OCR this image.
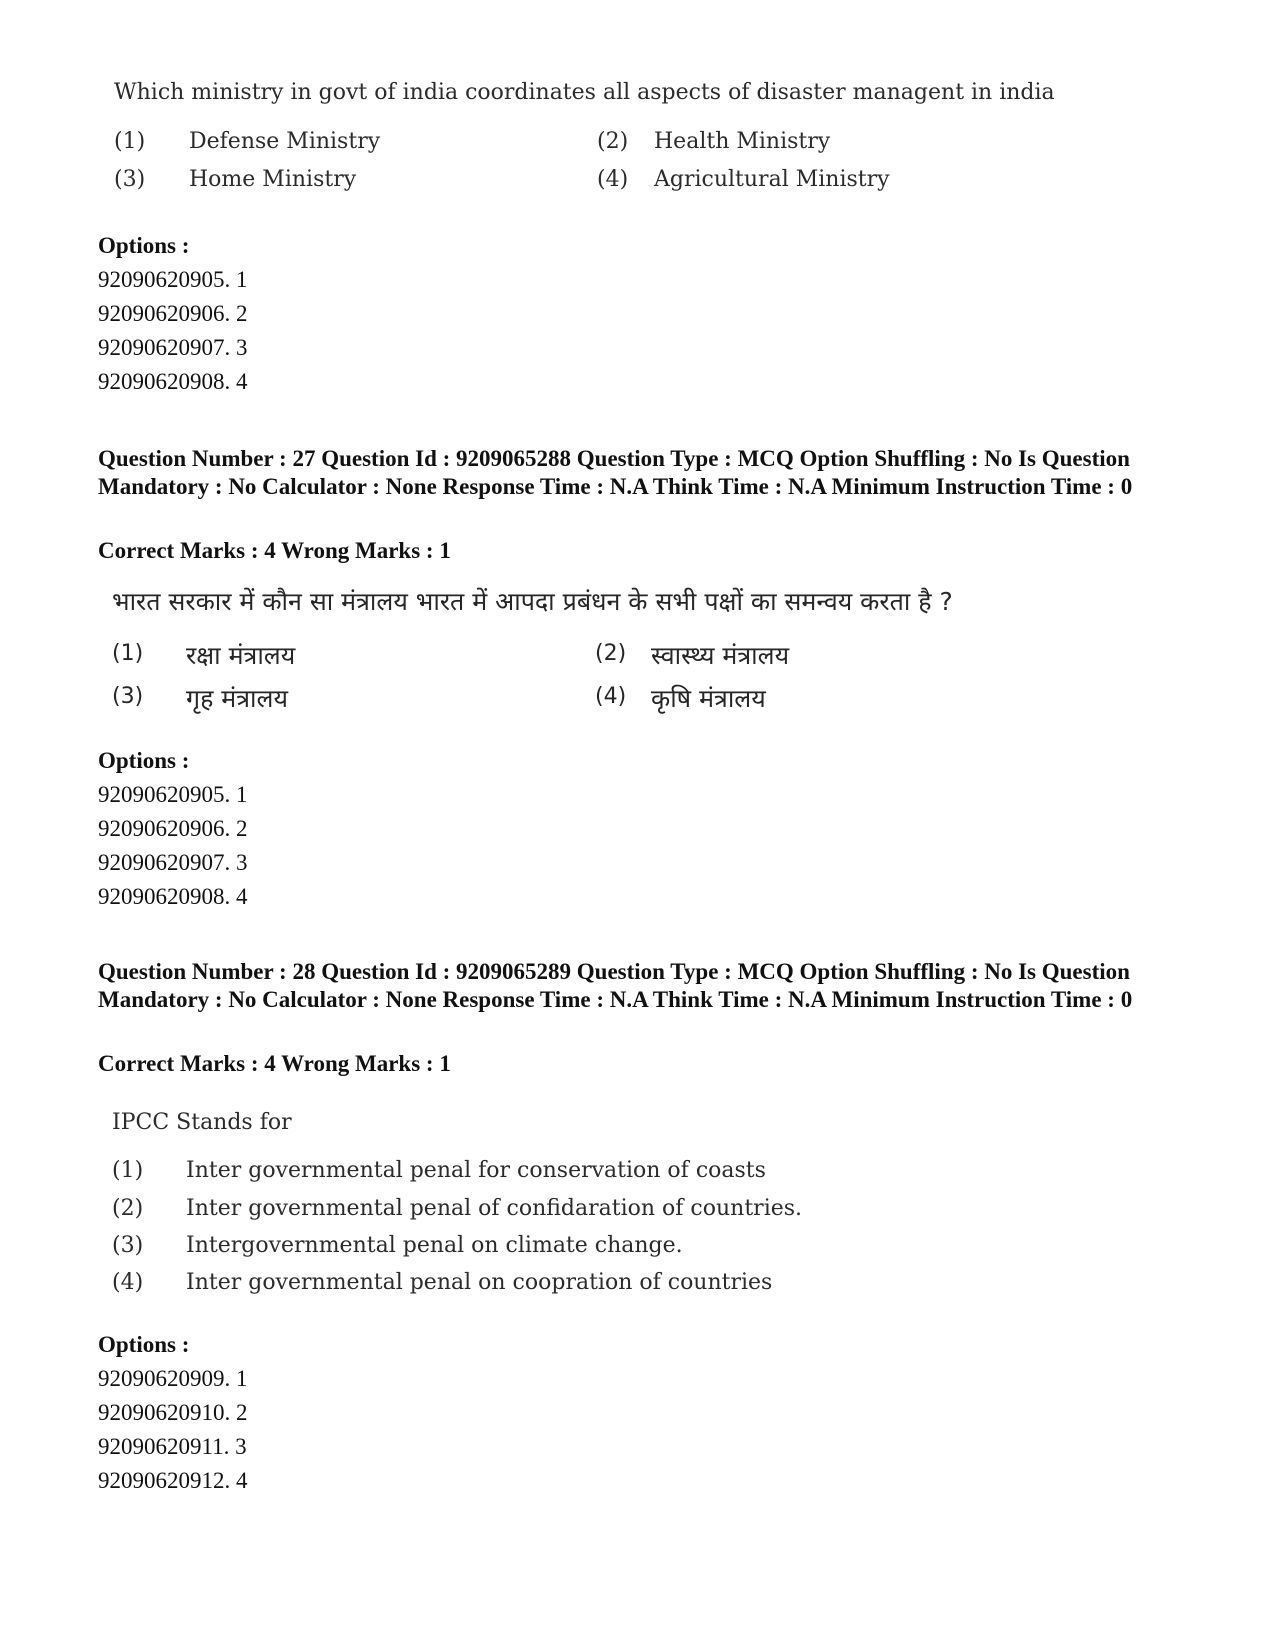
Which ministry in govt of india coordinates all aspects of disaster managent in india
(1) Defense Ministry	(2) Health Ministry
(3) Home Ministry	(4) Agricultural Ministry
Options :
92090620905. 1
92090620906. 2
92090620907. 3
92090620908. 4
Question Number : 27 Question Id : 9209065288 Question Type : MCQ Option Shuffling : No Is Question Mandatory : No Calculator : None Response Time : N.A Think Time : N.A Minimum Instruction Time : 0
Correct Marks : 4 Wrong Marks : 1
भारत सरकार में कौन सा मंत्रालय भारत में आपदा प्रबंधन के सभी पक्षों का समन्वय करता है ?
(1) रक्षा मंत्रालय	(2) स्वास्थ्य मंत्रालय
(3) गृह मंत्रालय	(4) कृषि मंत्रालय
Options :
92090620905. 1
92090620906. 2
92090620907. 3
92090620908. 4
Question Number : 28 Question Id : 9209065289 Question Type : MCQ Option Shuffling : No Is Question Mandatory : No Calculator : None Response Time : N.A Think Time : N.A Minimum Instruction Time : 0
Correct Marks : 4 Wrong Marks : 1
IPCC Stands for
(1) Inter governmental penal for conservation of coasts
(2) Inter governmental penal of confidaration of countries.
(3) Intergovernmental penal on climate change.
(4) Inter governmental penal on coopration of countries
Options :
92090620909. 1
92090620910. 2
92090620911. 3
92090620912. 4
